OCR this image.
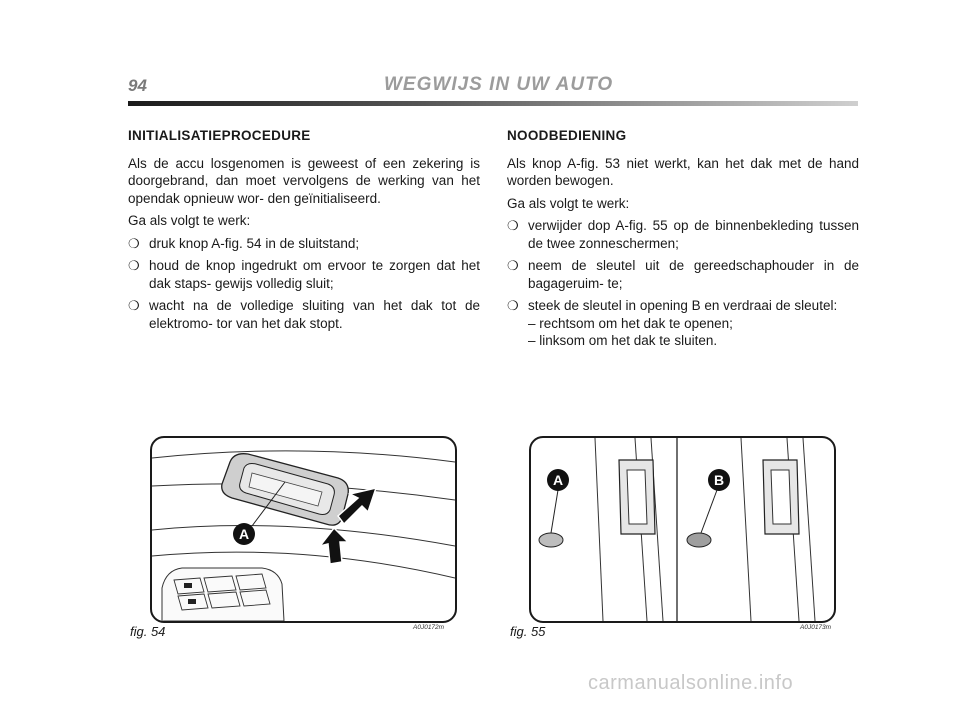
94	WEGWIJS IN UW AUTO
INITIALISATIEPROCEDURE

Als de accu losgenomen is geweest of een zekering is doorgebrand, dan moet vervolgens de werking van het opendak opnieuw wor- den geïnitialiseerd.

Ga als volgt te werk:

❍ druk knop A-fig. 54 in de sluitstand;
❍ houd de knop ingedrukt om ervoor te zorgen dat het dak staps- gewijs volledig sluit;
❍ wacht na de volledige sluiting van het dak tot de elektromo- tor van het dak stopt.
NOODBEDIENING

Als knop A-fig. 53 niet werkt, kan het dak met de hand worden bewogen.

Ga als volgt te werk:

❍ verwijder dop A-fig. 55 op de binnenbekleding tussen de twee zonneschermen;
❍ neem de sleutel uit de gereedschaphouder in de bagageruim- te;
❍ steek de sleutel in opening B en verdraai de sleutel:
– rechtsom om het dak te openen;
– linksom om het dak te sluiten.
A
fig. 54	A0J0172m
A	B
fig. 55	A0J0173m
carmanualsonline.info
